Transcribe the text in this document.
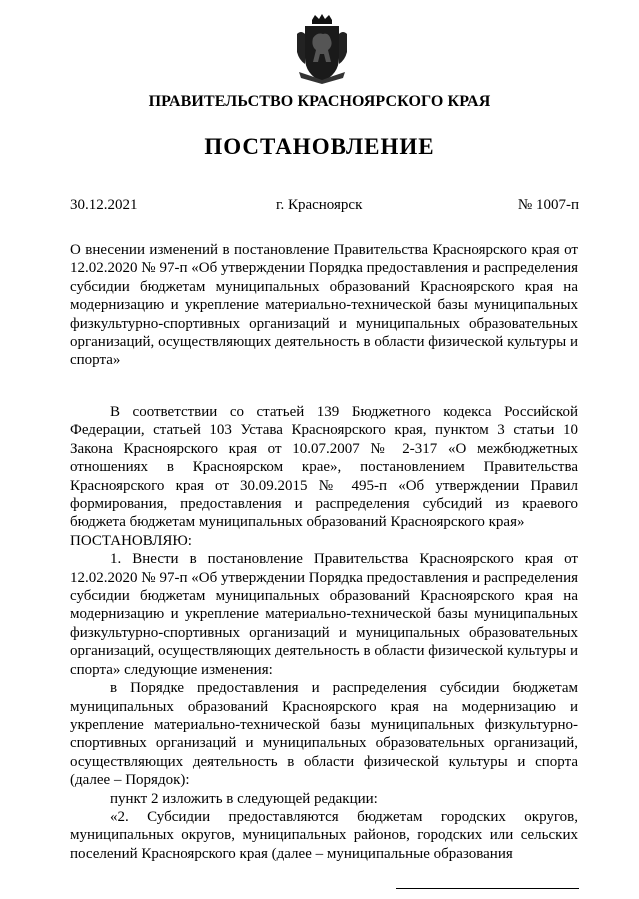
ПРАВИТЕЛЬСТВО КРАСНОЯРСКОГО КРАЯ
ПОСТАНОВЛЕНИЕ
30.12.2021	г. Красноярск	№ 1007-п

О внесении изменений в постановление Правительства Красноярского края от 12.02.2020 № 97-п «Об утверждении Порядка предоставления и распределения субсидии бюджетам муниципальных образований Красноярского края на модернизацию и укрепление материально-технической базы муниципальных физкультурно-спортивных организаций и муниципальных образовательных организаций, осуществляющих деятельность в области физической культуры и спорта»

В соответствии со статьей 139 Бюджетного кодекса Российской Федерации, статьей 103 Устава Красноярского края, пунктом 3 статьи 10 Закона Красноярского края от 10.07.2007 № 2-317 «О межбюджетных отношениях в Красноярском крае», постановлением Правительства Красноярского края от 30.09.2015 № 495-п «Об утверждении Правил формирования, предоставления и распределения субсидий из краевого бюджета бюджетам муниципальных образований Красноярского края»

ПОСТАНОВЛЯЮ:

1. Внести в постановление Правительства Красноярского края от 12.02.2020 № 97-п «Об утверждении Порядка предоставления и распределения субсидии бюджетам муниципальных образований Красноярского края на модернизацию и укрепление материально-технической базы муниципальных физкультурно-спортивных организаций и муниципальных образовательных организаций, осуществляющих деятельность в области физической культуры и спорта» следующие изменения:

в Порядке предоставления и распределения субсидии бюджетам муниципальных образований Красноярского края на модернизацию и укрепление материально-технической базы муниципальных физкультурно-спортивных организаций и муниципальных образовательных организаций, осуществляющих деятельность в области физической культуры и спорта (далее – Порядок):

пункт 2 изложить в следующей редакции:

«2. Субсидии предоставляются бюджетам городских округов, муниципальных округов, муниципальных районов, городских или сельских поселений Красноярского края (далее – муниципальные образования
